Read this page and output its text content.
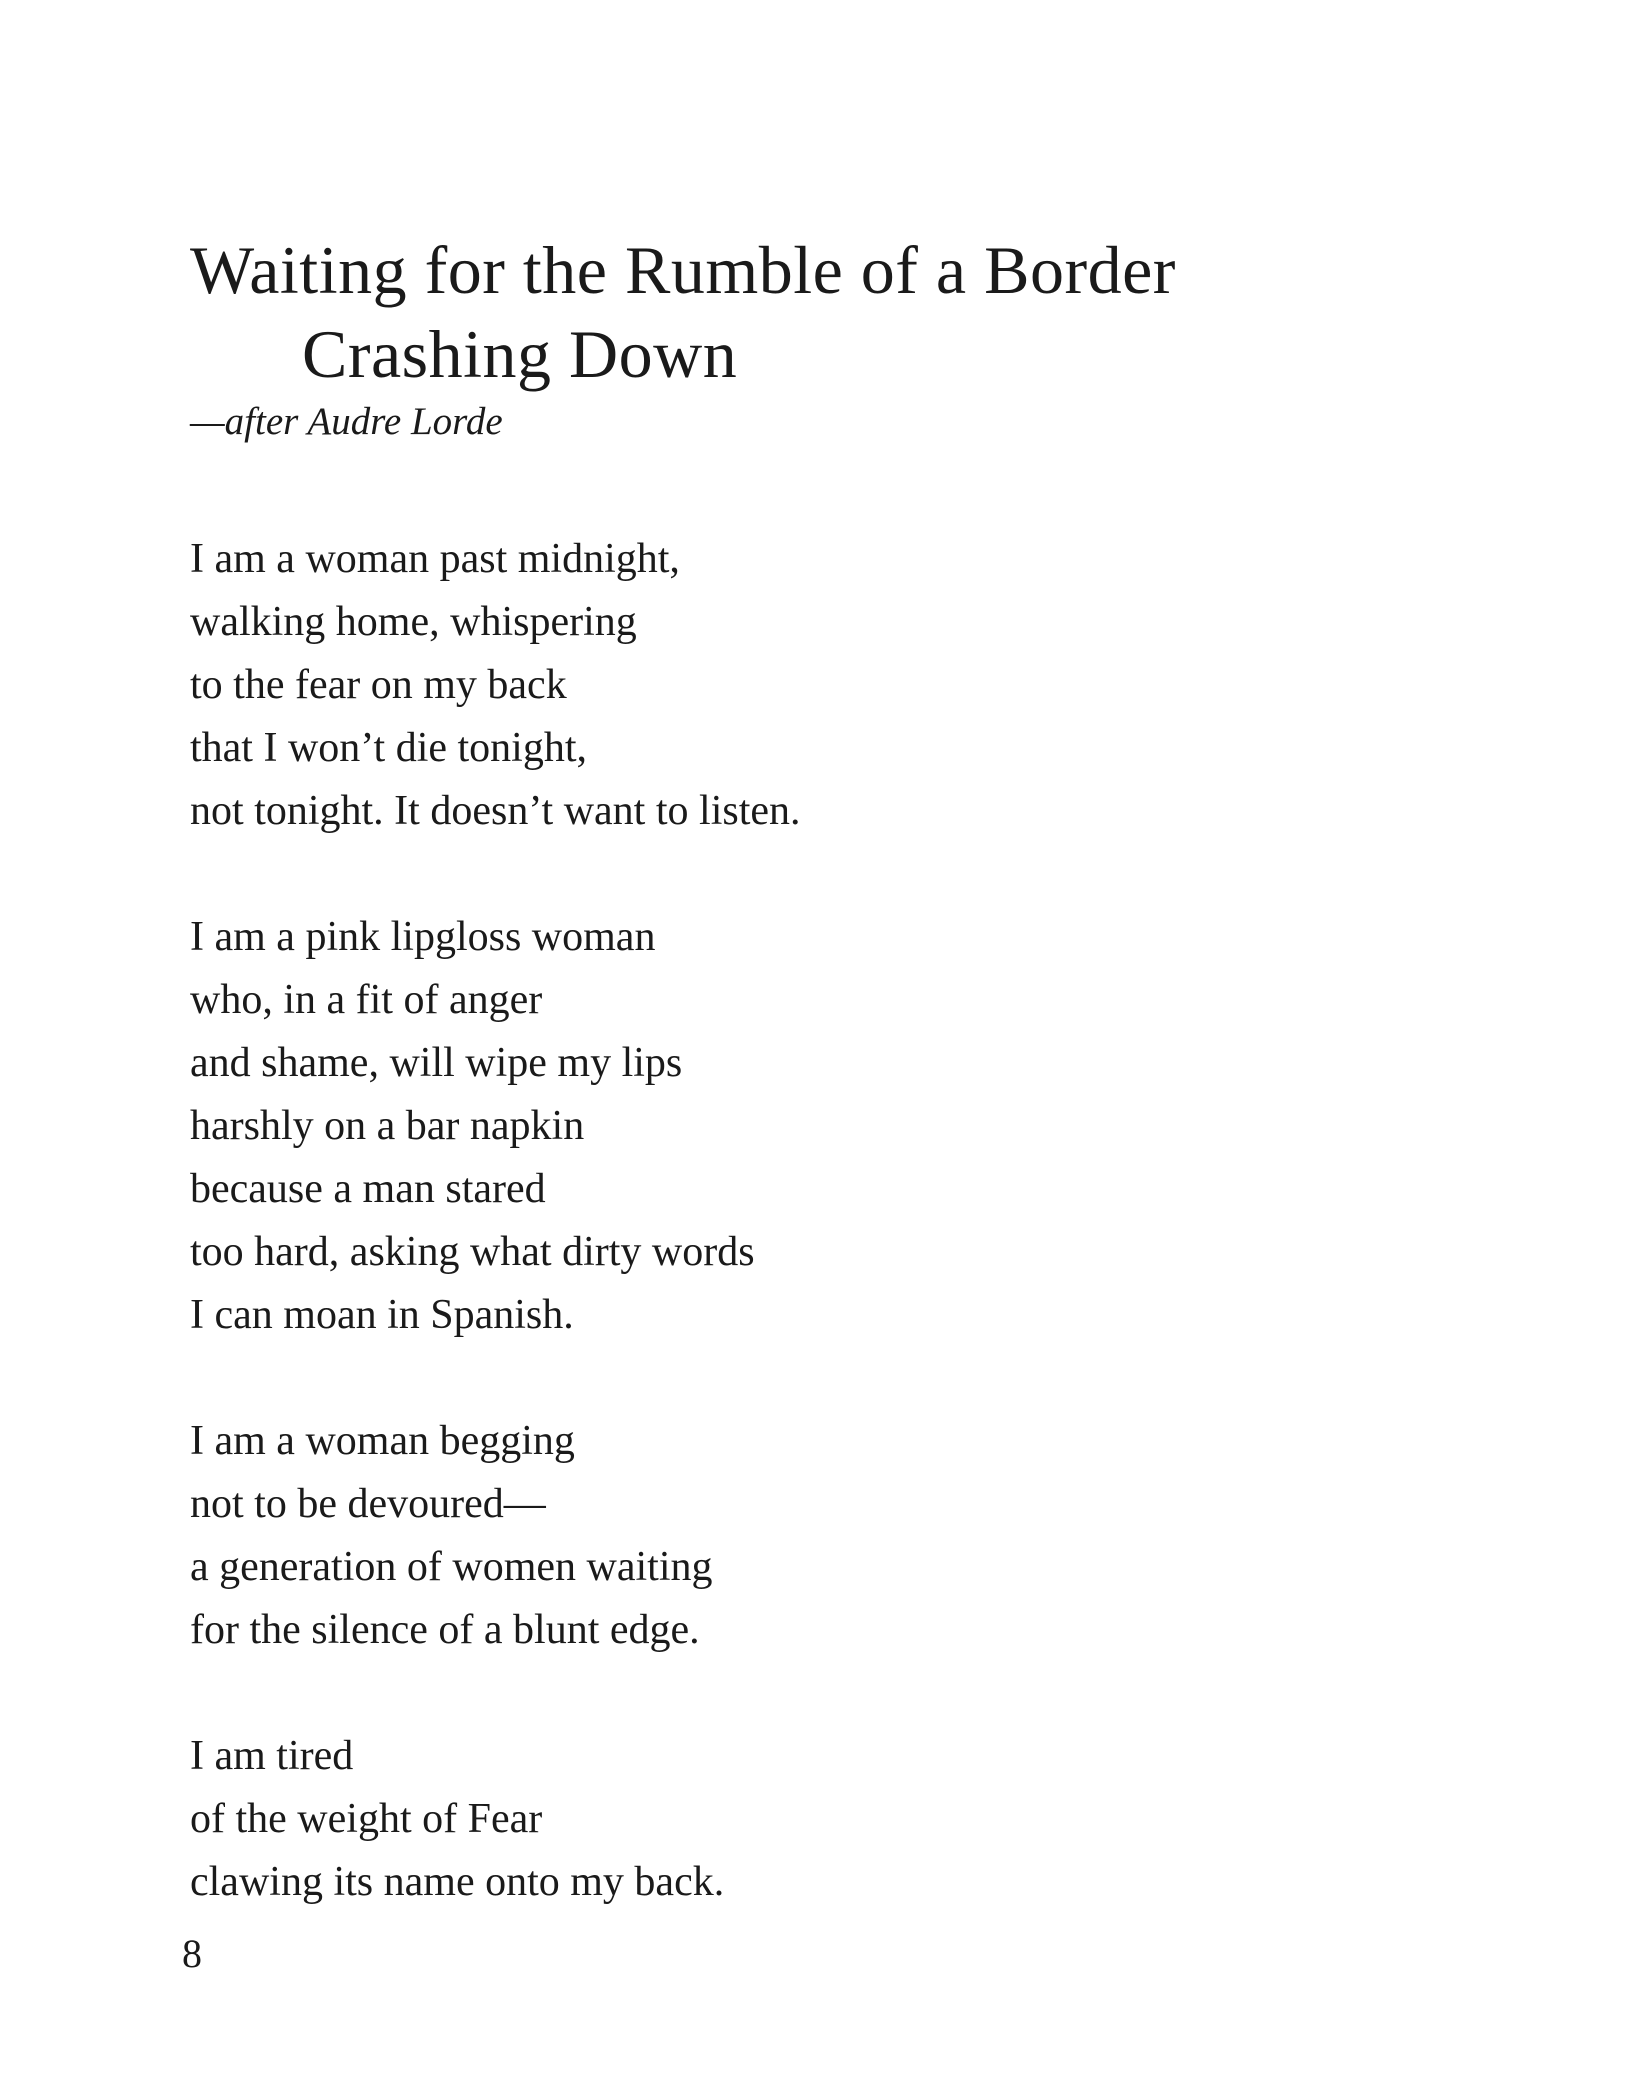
Waiting for the Rumble of a Border
Crashing Down

—after Audre Lorde

I am a woman past midnight,
walking home, whispering
to the fear on my back
that I won’t die tonight,
not tonight. It doesn’t want to listen.
I am a pink lipgloss woman
who, in a fit of anger
and shame, will wipe my lips
harshly on a bar napkin
because a man stared
too hard, asking what dirty words
I can moan in Spanish.
I am a woman begging
not to be devoured—
a generation of women waiting
for the silence of a blunt edge.
I am tired
of the weight of Fear
clawing its name onto my back.
8
